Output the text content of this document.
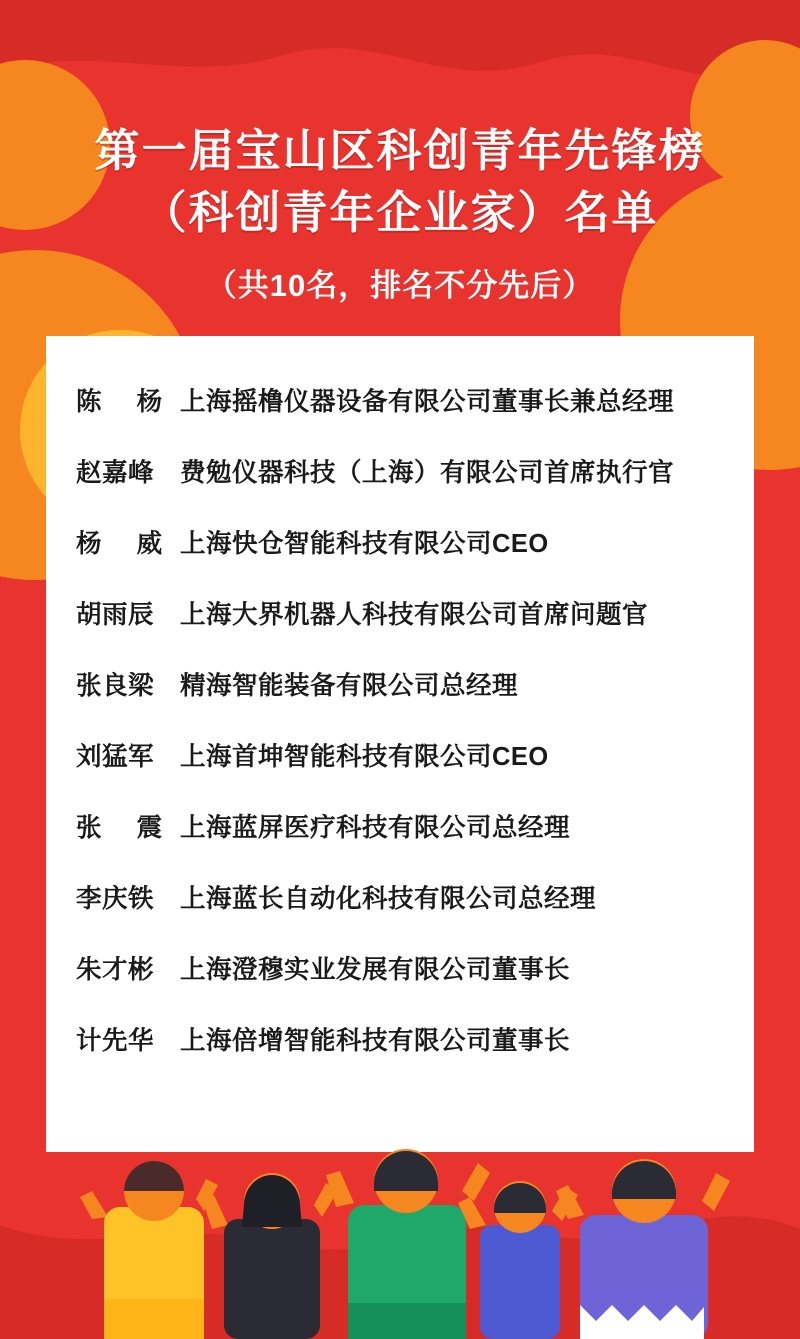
第一届宝山区科创青年先锋榜
（科创青年企业家）名单
（共10名，排名不分先后）
陈 杨 上海摇橹仪器设备有限公司董事长兼总经理
赵嘉峰	费勉仪器科技（上海）有限公司首席执行官
杨 威 上海快仓智能科技有限公司CEO
胡雨辰	上海大界机器人科技有限公司首席问题官
张良梁	精海智能装备有限公司总经理
刘猛军	上海首坤智能科技有限公司CEO
张 震 上海蓝屏医疗科技有限公司总经理
李庆铁	上海蓝长自动化科技有限公司总经理
朱才彬	上海澄穆实业发展有限公司董事长
计先华	上海倍增智能科技有限公司董事长
